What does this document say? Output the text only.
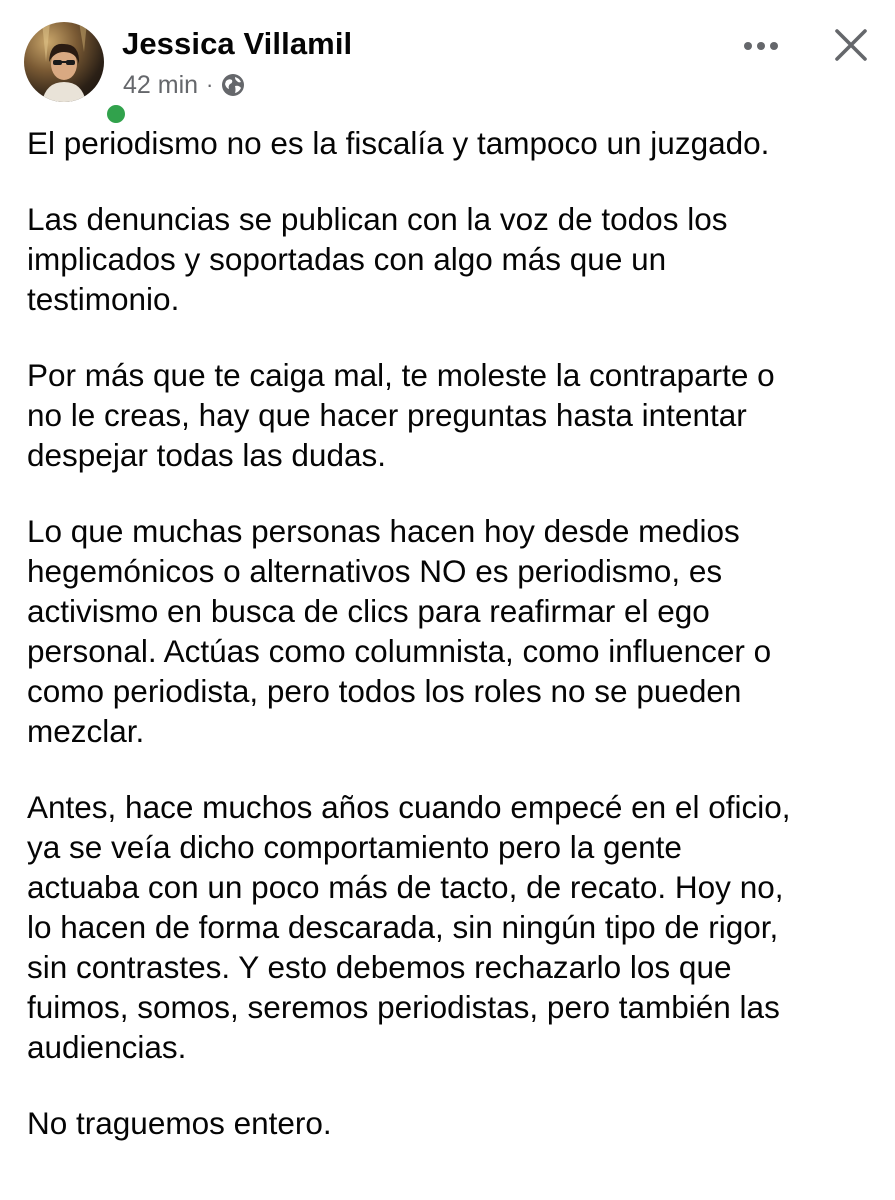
Jessica Villamil
42 min ·

El periodismo no es la fiscalía y tampoco un juzgado.

Las denuncias se publican con la voz de todos los
implicados y soportadas con algo más que un
testimonio.

Por más que te caiga mal, te moleste la contraparte o
no le creas, hay que hacer preguntas hasta intentar
despejar todas las dudas.

Lo que muchas personas hacen hoy desde medios
hegemónicos o alternativos NO es periodismo, es
activismo en busca de clics para reafirmar el ego
personal. Actúas como columnista, como influencer o
como periodista, pero todos los roles no se pueden
mezclar.

Antes, hace muchos años cuando empecé en el oficio,
ya se veía dicho comportamiento pero la gente
actuaba con un poco más de tacto, de recato. Hoy no,
lo hacen de forma descarada, sin ningún tipo de rigor,
sin contrastes. Y esto debemos rechazarlo los que
fuimos, somos, seremos periodistas, pero también las
audiencias.

No traguemos entero.
